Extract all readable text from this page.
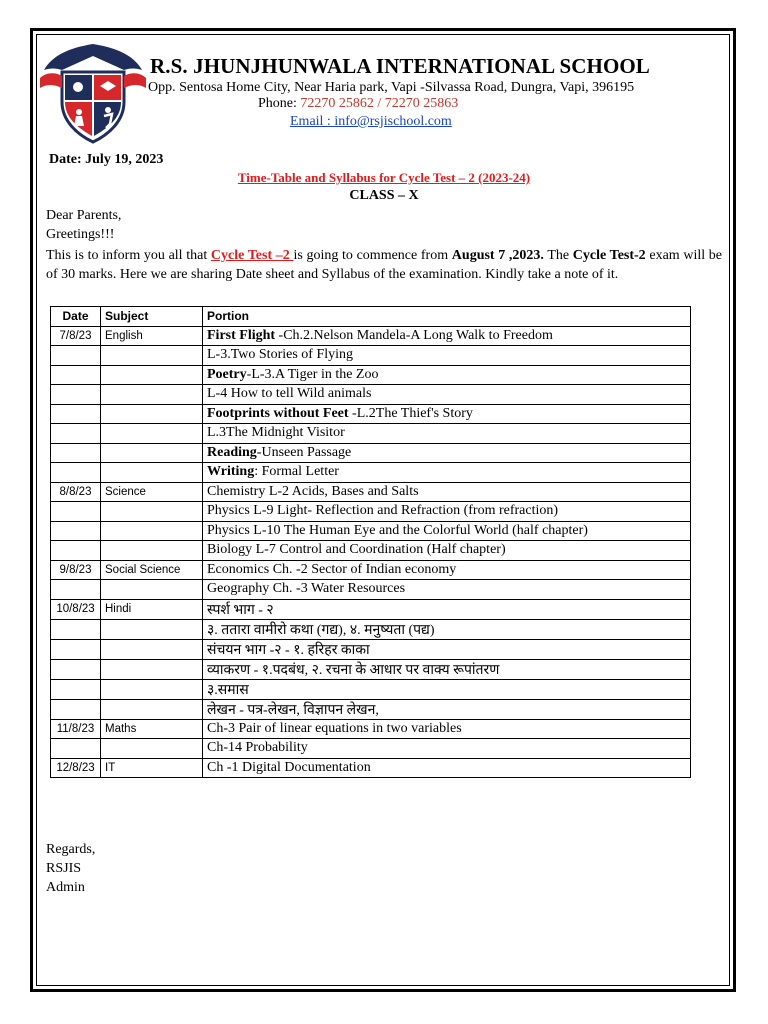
R.S. JHUNJHUNWALA INTERNATIONAL SCHOOL
Opp. Sentosa Home City, Near Haria park, Vapi -Silvassa Road, Dungra, Vapi, 396195
Phone: 72270 25862 / 72270 25863
Email : info@rsjischool.com
Date: July 19, 2023
Time-Table and Syllabus for Cycle Test – 2 (2023-24)
CLASS – X
Dear Parents,
Greetings!!!
This is to inform you all that Cycle Test –2 is going to commence from August 7 ,2023. The Cycle Test-2 exam will be of 30 marks. Here we are sharing Date sheet and Syllabus of the examination. Kindly take a note of it.
Date	Subject	Portion
7/8/23	English	First Flight -Ch.2.Nelson Mandela-A Long Walk to Freedom
		L-3.Two Stories of Flying
		Poetry-L-3.A Tiger in the Zoo
		L-4 How to tell Wild animals
		Footprints without Feet -L.2The Thief's Story
		L.3The Midnight Visitor
		Reading-Unseen Passage
		Writing: Formal Letter
8/8/23	Science	Chemistry L-2 Acids, Bases and Salts
		Physics L-9 Light- Reflection and Refraction (from refraction)
		Physics L-10 The Human Eye and the Colorful World (half chapter)
		Biology L-7 Control and Coordination (Half chapter)
9/8/23	Social Science	Economics Ch. -2 Sector of Indian economy
		Geography Ch. -3 Water Resources
10/8/23	Hindi	स्पर्श भाग - २
		३. ततारा वामीरो कथा (गद्य), ४. मनुष्यता (पद्य)
		संचयन भाग -२ - १. हरिहर काका
		व्याकरण - १.पदबंध, २. रचना के आधार पर वाक्य रूपांतरण
		३.समास
		लेखन - पत्र-लेखन, विज्ञापन लेखन,
11/8/23	Maths	Ch-3 Pair of linear equations in two variables
		Ch-14 Probability
12/8/23	IT	Ch -1 Digital Documentation
Regards,
RSJIS
Admin
